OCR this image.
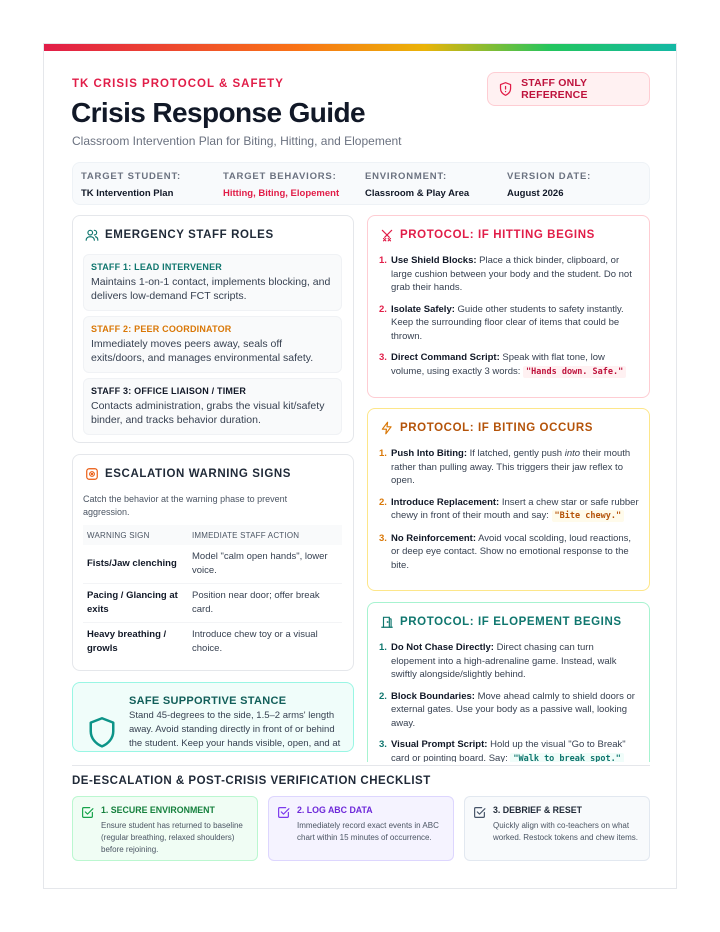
TK CRISIS PROTOCOL & SAFETY
Crisis Response Guide
Classroom Intervention Plan for Biting, Hitting, and Elopement
STAFF ONLY REFERENCE
TARGET STUDENT:
TK Intervention Plan
TARGET BEHAVIORS:
Hitting, Biting, Elopement
ENVIRONMENT:
Classroom & Play Area
VERSION DATE:
August 2026
EMERGENCY STAFF ROLES
STAFF 1: LEAD INTERVENER
Maintains 1-on-1 contact, implements blocking, and delivers low-demand FCT scripts.
STAFF 2: PEER COORDINATOR
Immediately moves peers away, seals off exits/doors, and manages environmental safety.
STAFF 3: OFFICE LIAISON / TIMER
Contacts administration, grabs the visual kit/safety binder, and tracks behavior duration.
ESCALATION WARNING SIGNS
Catch the behavior at the warning phase to prevent aggression.
WARNING SIGN	IMMEDIATE STAFF ACTION
Fists/Jaw clenching	Model "calm open hands", lower voice.
Pacing / Glancing at exits	Position near door; offer break card.
Heavy breathing / growls	Introduce chew toy or a visual choice.
SAFE SUPPORTIVE STANCE
Stand 45-degrees to the side, 1.5–2 arms' length away. Avoid standing directly in front of or behind the student. Keep your hands visible, open, and at
PROTOCOL: IF HITTING BEGINS
1. Use Shield Blocks: Place a thick binder, clipboard, or large cushion between your body and the student. Do not grab their hands.
2. Isolate Safely: Guide other students to safety instantly. Keep the surrounding floor clear of items that could be thrown.
3. Direct Command Script: Speak with flat tone, low volume, using exactly 3 words: "Hands down. Safe."
PROTOCOL: IF BITING OCCURS
1. Push Into Biting: If latched, gently push into their mouth rather than pulling away. This triggers their jaw reflex to open.
2. Introduce Replacement: Insert a chew star or safe rubber chewy in front of their mouth and say: "Bite chewy."
3. No Reinforcement: Avoid vocal scolding, loud reactions, or deep eye contact. Show no emotional response to the bite.
PROTOCOL: IF ELOPEMENT BEGINS
1. Do Not Chase Directly: Direct chasing can turn elopement into a high-adrenaline game. Instead, walk swiftly alongside/slightly behind.
2. Block Boundaries: Move ahead calmly to shield doors or external gates. Use your body as a passive wall, looking away.
3. Visual Prompt Script: Hold up the visual "Go to Break" card or pointing board. Say: "Walk to break spot."
DE-ESCALATION & POST-CRISIS VERIFICATION CHECKLIST
1. SECURE ENVIRONMENT
Ensure student has returned to baseline (regular breathing, relaxed shoulders) before rejoining.
2. LOG ABC DATA
Immediately record exact events in ABC chart within 15 minutes of occurrence.
3. DEBRIEF & RESET
Quickly align with co-teachers on what worked. Restock tokens and chew items.
